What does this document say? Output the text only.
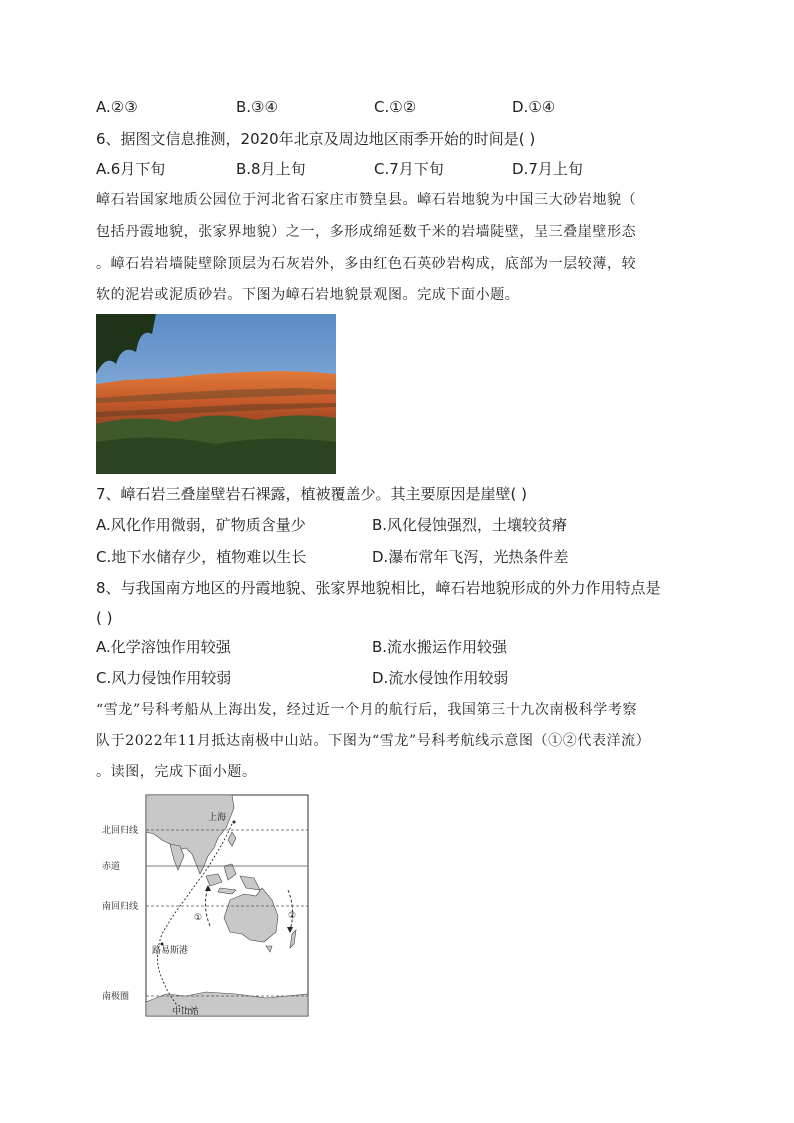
A.②③	B.③④	C.①②	D.①④
6、据图文信息推测，2020年北京及周边地区雨季开始的时间是( )
A.6月下旬	B.8月上旬	C.7月下旬	D.7月上旬
嶂石岩国家地质公园位于河北省石家庄市赞皇县。嶂石岩地貌为中国三大砂岩地貌（
包括丹霞地貌，张家界地貌）之一，多形成绵延数千米的岩墙陡壁，呈三叠崖壁形态
。嶂石岩岩墙陡壁除顶层为石灰岩外，多由红色石英砂岩构成，底部为一层较薄，较
软的泥岩或泥质砂岩。下图为嶂石岩地貌景观图。完成下面小题。
7、嶂石岩三叠崖壁岩石裸露，植被覆盖少。其主要原因是崖壁( )
A.风化作用微弱，矿物质含量少	B.风化侵蚀强烈，土壤较贫瘠
C.地下水储存少，植物难以生长	D.瀑布常年飞泻，光热条件差
8、与我国南方地区的丹霞地貌、张家界地貌相比，嶂石岩地貌形成的外力作用特点是
( )
A.化学溶蚀作用较强	B.流水搬运作用较强
C.风力侵蚀作用较弱	D.流水侵蚀作用较弱
“雪龙”号科考船从上海出发，经过近一个月的航行后，我国第三十九次南极科学考察
队于2022年11月抵达南极中山站。下图为“雪龙”号科考航线示意图（①②代表洋流）
。读图，完成下面小题。
北回归线
赤道
南回归线
南极圈
上海
路易斯港
中山站
①	②
